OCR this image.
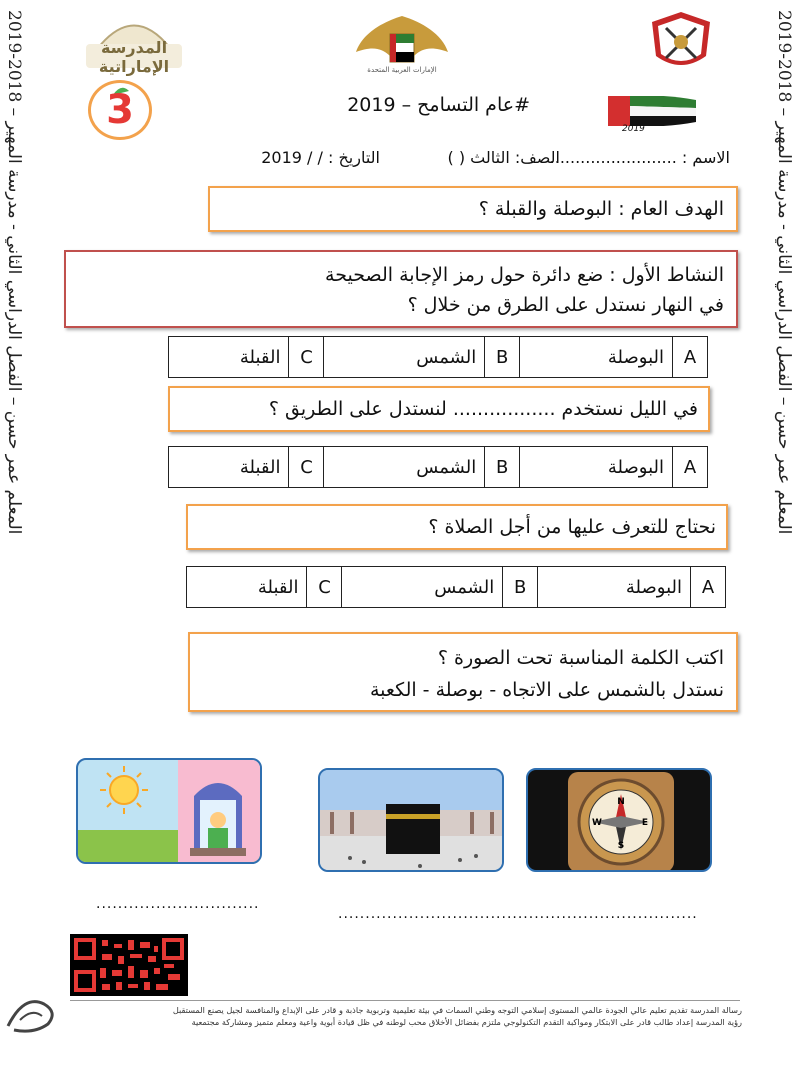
المعلم عمر حسن – الفصل الدراسي الثاني - مدرسة المهير – 2018-2019
المعلم عمر حسن – الفصل الدراسي الثاني - مدرسة المهير – 2018-2019
المدرسة الإماراتية	الإمارات العربية المتحدة
3	#عام التسامح – 2019
2019
الاسم : .........................
الصف: الثالث ( )
التاريخ : / / 2019
الهدف العام : البوصلة والقبلة ؟
النشاط الأول : ضع دائرة حول رمز الإجابة الصحيحة
في النهار نستدل على الطرق من خلال ؟
A	البوصلة	B	الشمس	C	القبلة
في الليل نستخدم ................. لنستدل على الطريق ؟
A	البوصلة	B	الشمس	C	القبلة
نحتاج للتعرف عليها من أجل الصلاة ؟
A	البوصلة	B	الشمس	C	القبلة
اكتب الكلمة المناسبة تحت الصورة ؟
نستدل بالشمس على الاتجاه - بوصلة - الكعبة
N
S
E
W
..............................
..................................................................
رسالة المدرسة تقديم تعليم عالي الجودة عالمي المستوى إسلامي التوجه وطني السمات في بيئة تعليمية وتربوية جاذبة و قادر على الإبداع والمنافسة لجيل يصنع المستقبل
رؤية المدرسة إعداد طالب قادر على الابتكار ومواكبة التقدم التكنولوجي ملتزم بفضائل الأخلاق محب لوطنه في ظل قيادة أبوية واعية ومعلم متميز ومشاركة مجتمعية
